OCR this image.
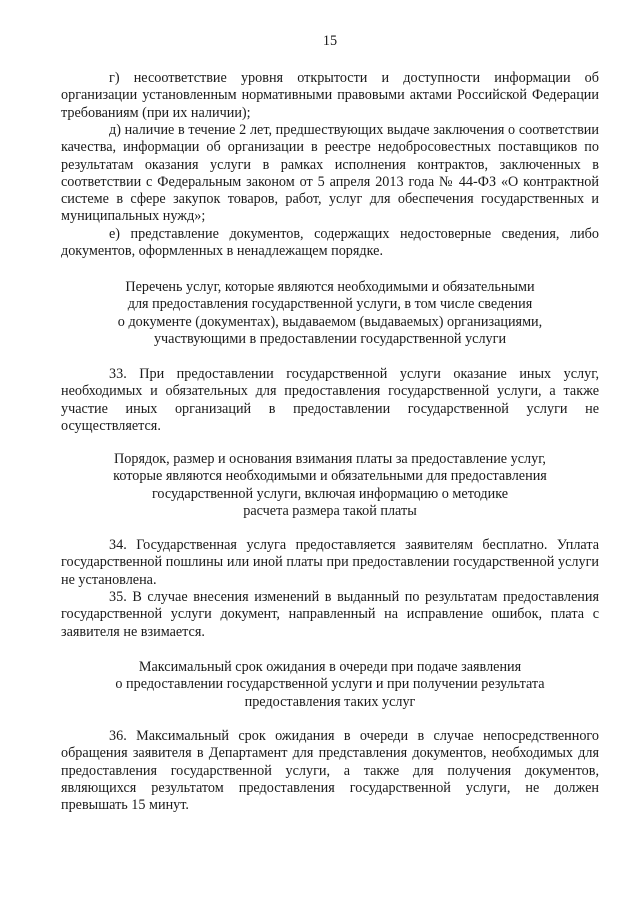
15
г) несоответствие уровня открытости и доступности информации об организации установленным нормативными правовыми актами Российской Федерации требованиям (при их наличии);
д) наличие в течение 2 лет, предшествующих выдаче заключения о соответствии качества, информации об организации в реестре недобросовестных поставщиков по результатам оказания услуги в рамках исполнения контрактов, заключенных в соответствии с Федеральным законом от 5 апреля 2013 года № 44-ФЗ «О контрактной системе в сфере закупок товаров, работ, услуг для обеспечения государственных и муниципальных нужд»;
е) представление документов, содержащих недостоверные сведения, либо документов, оформленных в ненадлежащем порядке.
Перечень услуг, которые являются необходимыми и обязательными
для предоставления государственной услуги, в том числе сведения
о документе (документах), выдаваемом (выдаваемых) организациями,
участвующими в предоставлении государственной услуги
33. При предоставлении государственной услуги оказание иных услуг, необходимых и обязательных для предоставления государственной услуги, а также участие иных организаций в предоставлении государственной услуги не осуществляется.
Порядок, размер и основания взимания платы за предоставление услуг,
которые являются необходимыми и обязательными для предоставления
государственной услуги, включая информацию о методике
расчета размера такой платы
34. Государственная услуга предоставляется заявителям бесплатно. Уплата государственной пошлины или иной платы при предоставлении государственной услуги не установлена.
35. В случае внесения изменений в выданный по результатам предоставления государственной услуги документ, направленный на исправление ошибок, плата с заявителя не взимается.
Максимальный срок ожидания в очереди при подаче заявления
о предоставлении государственной услуги и при получении результата
предоставления таких услуг
36. Максимальный срок ожидания в очереди в случае непосредственного обращения заявителя в Департамент для представления документов, необходимых для предоставления государственной услуги, а также для получения документов, являющихся результатом предоставления государственной услуги, не должен превышать 15 минут.
